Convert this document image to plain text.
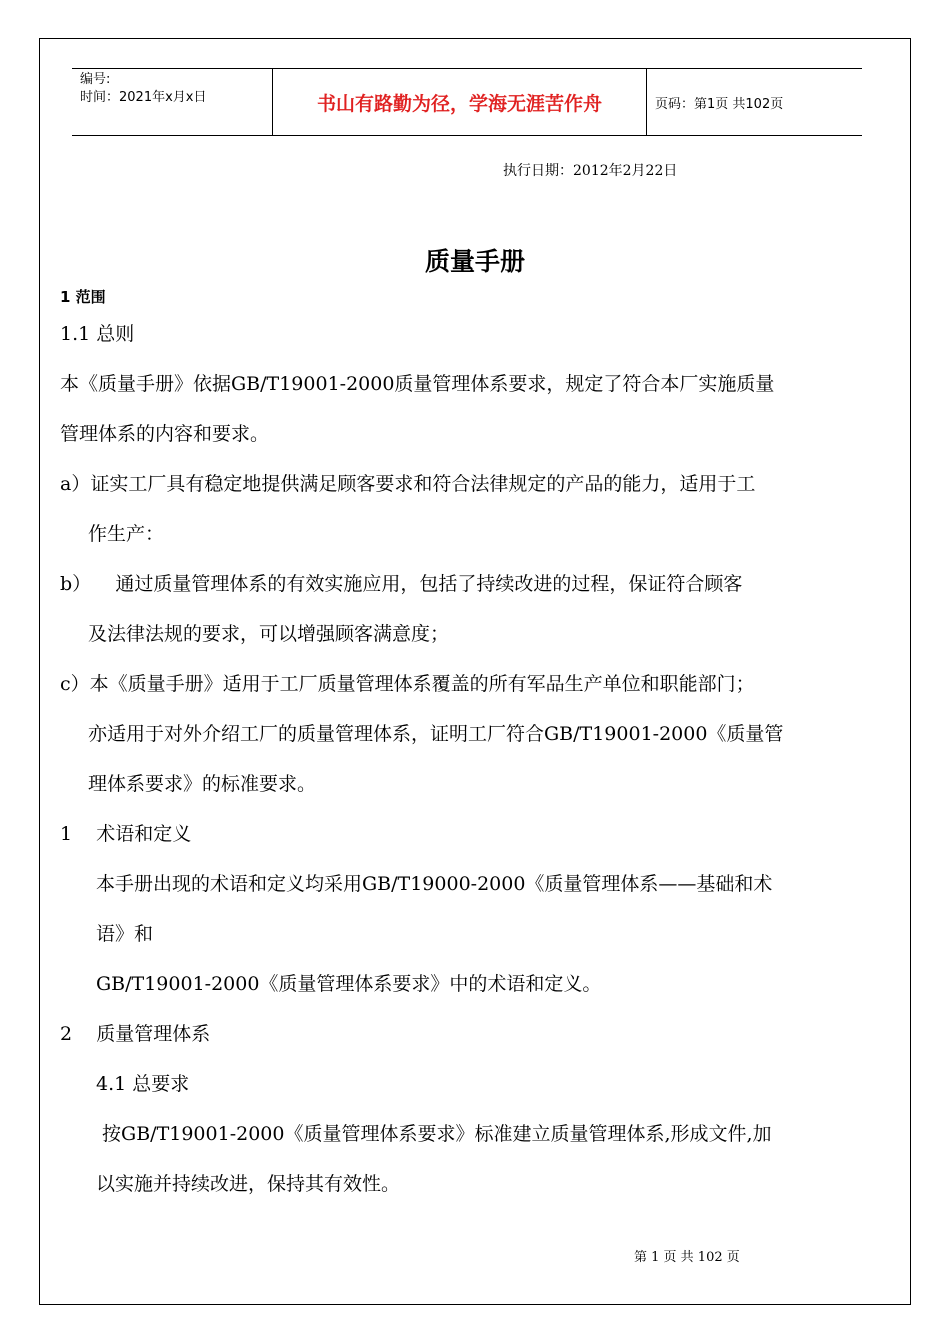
编号:
时间：2021年x月x日	书山有路勤为径，学海无涯苦作舟	页码：第1页 共102页
执行日期：2012年2月22日
质量手册
1 范围
1.1 总则
本《质量手册》依据GB/T19001-2000质量管理体系要求，规定了符合本厂实施质量
管理体系的内容和要求。
a）证实工厂具有稳定地提供满足顾客要求和符合法律规定的产品的能力，适用于工
作生产：
b）    通过质量管理体系的有效实施应用，包括了持续改进的过程，保证符合顾客
及法律法规的要求，可以增强顾客满意度；
c）本《质量手册》适用于工厂质量管理体系覆盖的所有军品生产单位和职能部门；
亦适用于对外介绍工厂的质量管理体系，证明工厂符合GB/T19001-2000《质量管
理体系要求》的标准要求。
1    术语和定义
本手册出现的术语和定义均采用GB/T19000-2000《质量管理体系——基础和术
语》和
GB/T19001-2000《质量管理体系要求》中的术语和定义。
2    质量管理体系
4.1 总要求
按GB/T19001-2000《质量管理体系要求》标准建立质量管理体系,形成文件,加
以实施并持续改进，保持其有效性。
第 1 页 共 102 页
